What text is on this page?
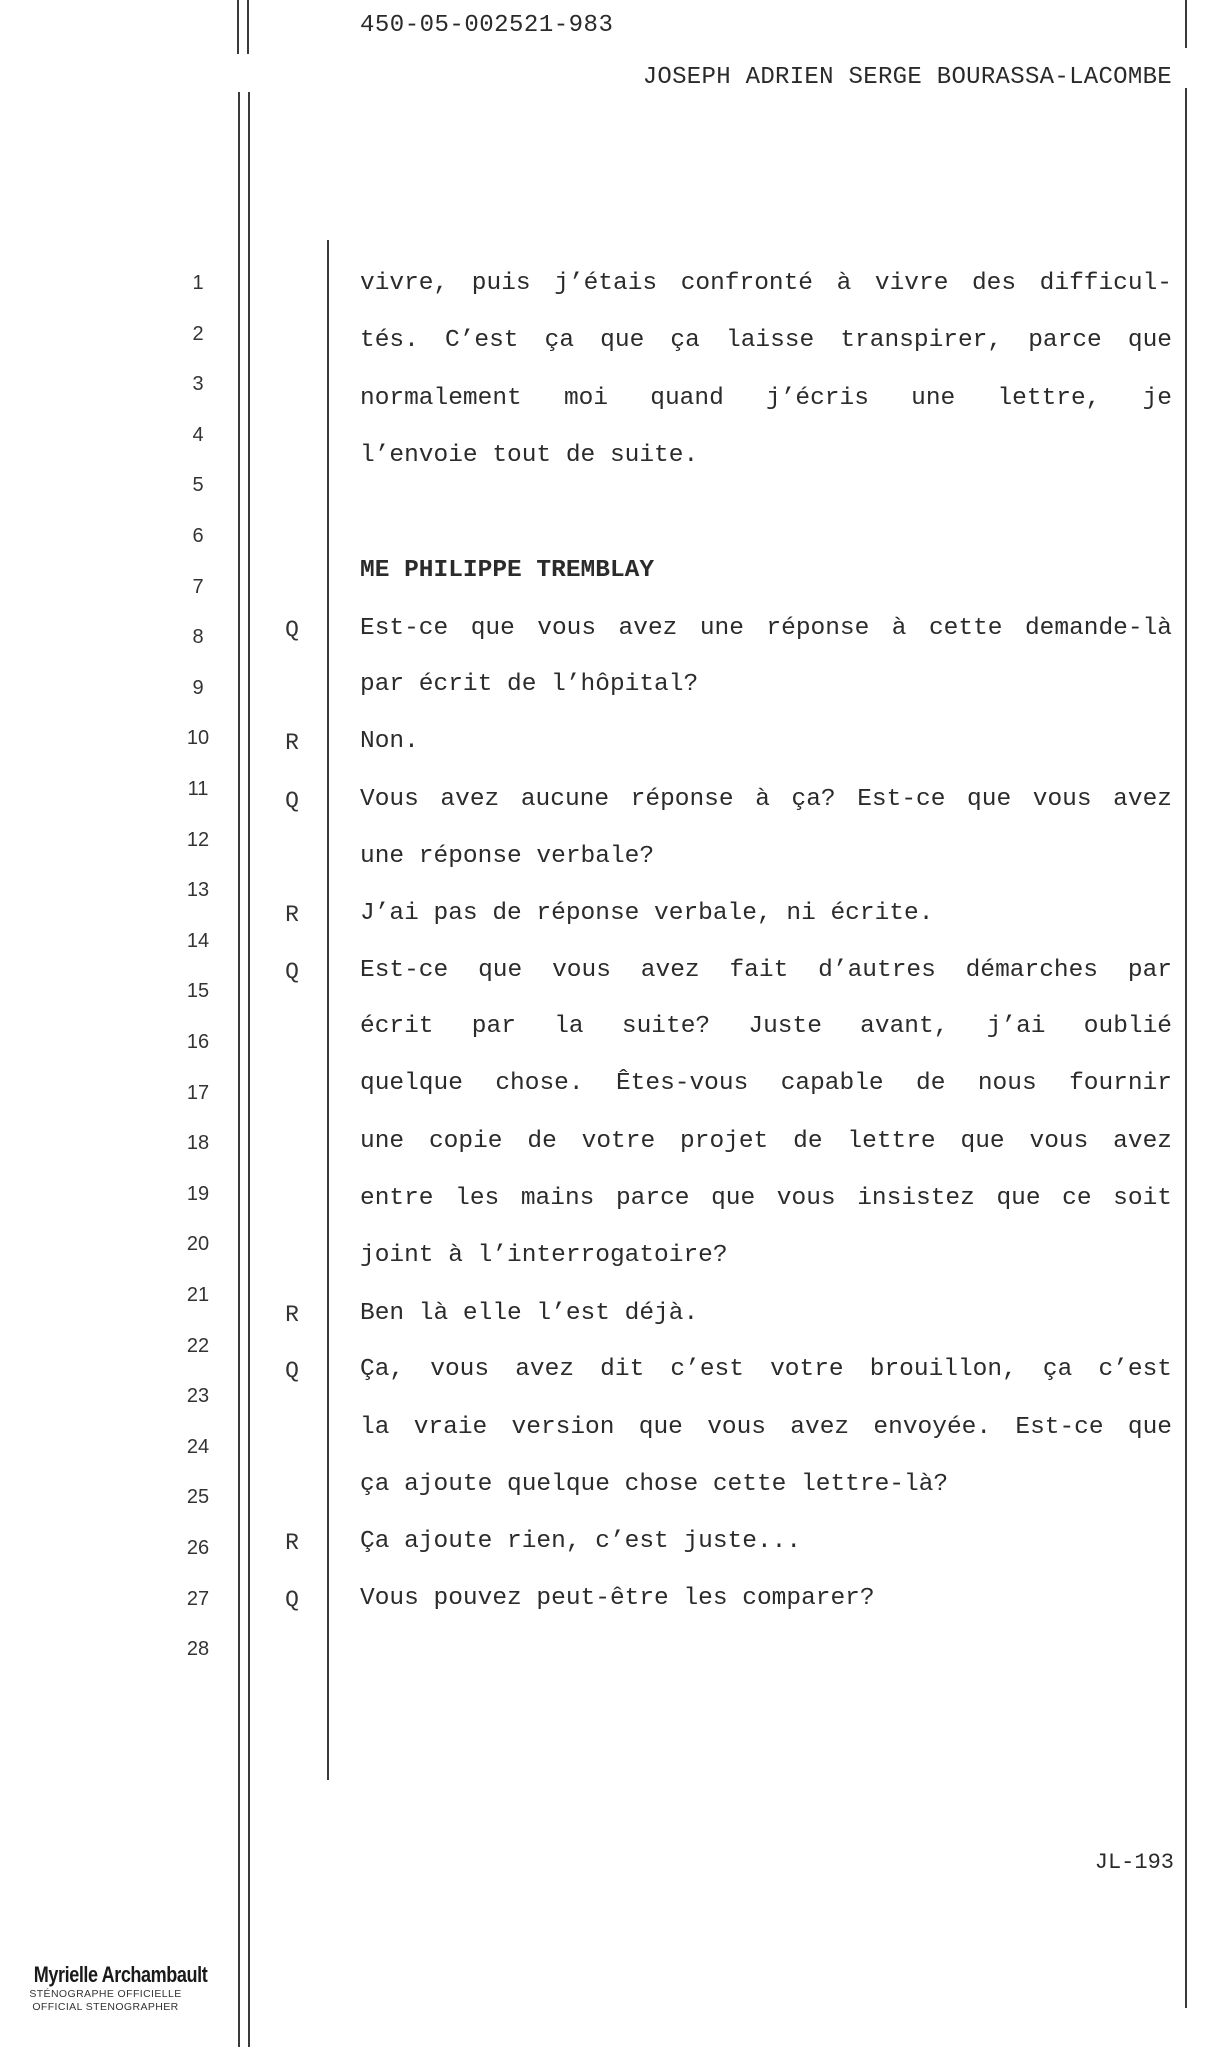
450-05-002521-983
JOSEPH ADRIEN SERGE BOURASSA-LACOMBE
1
2
3
4
5
6
7
8
9
10
11
12
13
14
15
16
17
18
19
20
21
22
23
24
25
26
27
28
vivre, puis j’étais confronté à vivre des difficul-
tés. C’est ça que ça laisse transpirer, parce que
normalement moi quand j’écris une lettre, je
l’envoie tout de suite.
ME PHILIPPE TREMBLAY
Q Est-ce que vous avez une réponse à cette demande-là
par écrit de l’hôpital?
R Non.
Q Vous avez aucune réponse à ça? Est-ce que vous avez
une réponse verbale?
R J’ai pas de réponse verbale, ni écrite.
Q Est-ce que vous avez fait d’autres démarches par
écrit par la suite? Juste avant, j’ai oublié
quelque chose. Êtes-vous capable de nous fournir
une copie de votre projet de lettre que vous avez
entre les mains parce que vous insistez que ce soit
joint à l’interrogatoire?
R Ben là elle l’est déjà.
Q Ça, vous avez dit c’est votre brouillon, ça c’est
la vraie version que vous avez envoyée. Est-ce que
ça ajoute quelque chose cette lettre-là?
R Ça ajoute rien, c’est juste...
Q Vous pouvez peut-être les comparer?
JL-193
Myrielle Archambault
STÉNOGRAPHE OFFICIELLE
OFFICIAL STENOGRAPHER
